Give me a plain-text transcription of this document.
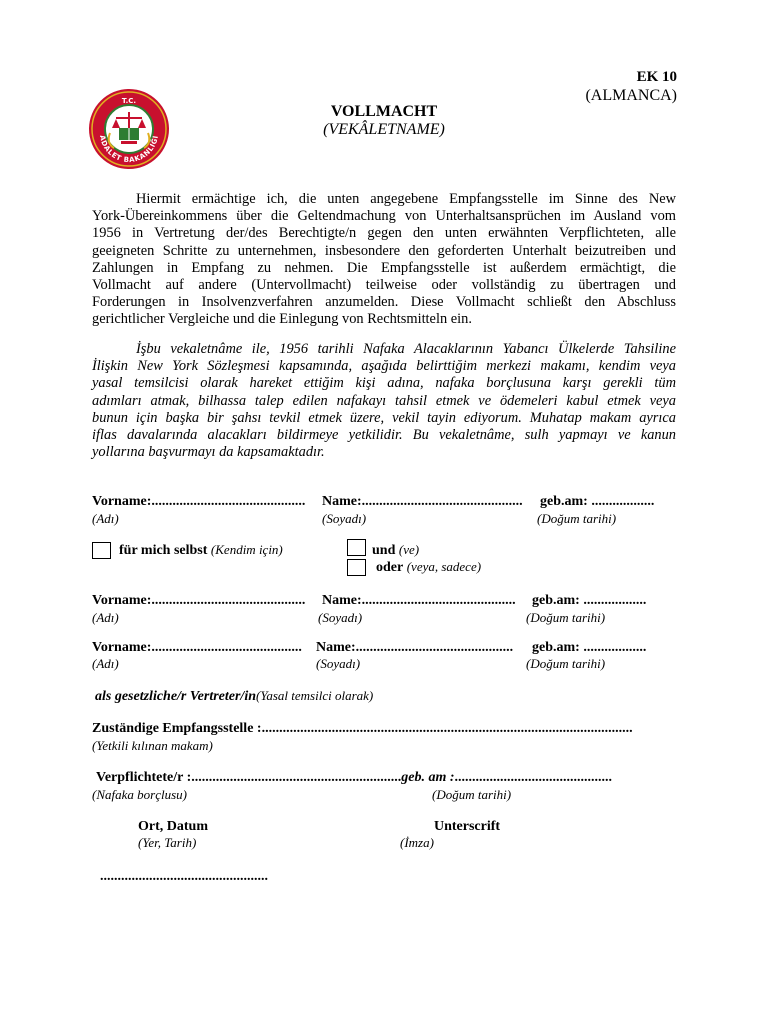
EK 10
(ALMANCA)
T.C.
ADALET BAKANLIĞI
VOLLMACHT
(VEKÂLETNAME)
Hiermit ermächtige ich, die unten angegebene Empfangsstelle im Sinne des New
York-Übereinkommens über die Geltendmachung von Unterhaltsansprüchen im Ausland vom
1956 in Vertretung der/des Berechtigte/n gegen den unten erwähnten Verpflichteten, alle
geeigneten Schritte zu unternehmen, insbesondere den geforderten Unterhalt beizutreiben und
Zahlungen in Empfang zu nehmen. Die Empfangsstelle ist außerdem ermächtigt, die
Vollmacht auf andere (Untervollmacht) teilweise oder vollständig zu übertragen und
Forderungen in Insolvenzverfahren anzumelden. Diese Vollmacht schließt den Abschluss
gerichtlicher Vergleiche und die Einlegung von Rechtsmitteln ein.
İşbu vekaletnâme ile, 1956 tarihli Nafaka Alacaklarının Yabancı Ülkelerde Tahsiline
İlişkin New York Sözleşmesi kapsamında, aşağıda belirttiğim merkezi makamı, kendim veya
yasal temsilcisi olarak hareket ettiğim kişi adına, nafaka borçlusuna karşı gerekli tüm
adımları atmak, bilhassa talep edilen nafakayı tahsil etmek ve ödemeleri kabul etmek veya
bunun için başka bir şahsı tevkil etmek üzere, vekil tayin ediyorum. Muhatap makam ayrıca
iflas davalarında alacakları bildirmeye yetkilidir. Bu vekaletnâme, sulh yapmayı ve kanun
yollarına başvurmayı da kapsamaktadır.
Vorname:............................................ Name:.............................................. geb.am: ..................
(Adı)	(Soyadı)	(Doğum tarihi)
für mich selbst (Kendim için)	und (ve)
oder (veya, sadece)
Vorname:............................................ Name:............................................ geb.am: ..................
(Adı)	(Soyadı)	(Doğum tarihi)
Vorname:........................................... Name:............................................. geb.am: ..................
(Adı)	(Soyadı)	(Doğum tarihi)
als gesetzliche/r Vertreter/in(Yasal temsilci olarak)
Zuständige Empfangsstelle :..........................................................................................................
(Yetkili kılınan makam)
Verpflichtete/r :............................................................geb. am :.............................................
(Nafaka borçlusu)	(Doğum tarihi)
Ort, Datum
(Yer, Tarih)
Unterscrift
(İmza)
................................................
